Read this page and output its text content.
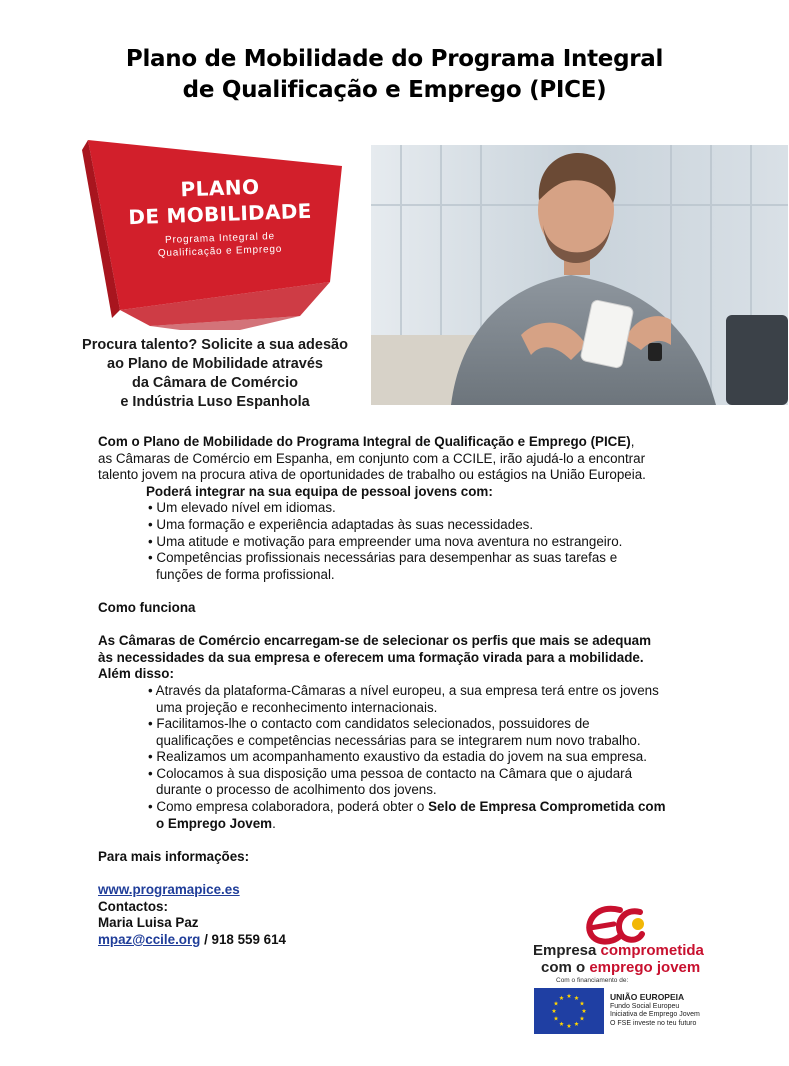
Plano de Mobilidade do Programa Integral
de Qualificação e Emprego (PICE)
PLANO
DE MOBILIDADE
Programa Integral de
Qualificação e Emprego
Procura talento? Solicite a sua adesão
ao Plano de Mobilidade através
da Câmara de Comércio
e Indústria Luso Espanhola
Com o Plano de Mobilidade do Programa Integral de Qualificação e Emprego (PICE),
as Câmaras de Comércio em Espanha, em conjunto com a CCILE, irão ajudá-lo a encontrar
talento jovem na procura ativa de oportunidades de trabalho ou estágios na União Europeia.
Poderá integrar na sua equipa de pessoal jovens com:
• Um elevado nível em idiomas.
• Uma formação e experiência adaptadas às suas necessidades.
• Uma atitude e motivação para empreender uma nova aventura no estrangeiro.
• Competências profissionais necessárias para desempenhar as suas tarefas e
funções de forma profissional.
Como funciona
As Câmaras de Comércio encarregam-se de selecionar os perfis que mais se adequam
às necessidades da sua empresa e oferecem uma formação virada para a mobilidade.
Além disso:
• Através da plataforma-Câmaras a nível europeu, a sua empresa terá entre os jovens
uma projeção e reconhecimento internacionais.
• Facilitamos-lhe o contacto com candidatos selecionados, possuidores de
qualificações e competências necessárias para se integrarem num novo trabalho.
• Realizamos um acompanhamento exaustivo da estadia do jovem na sua empresa.
• Colocamos à sua disposição uma pessoa de contacto na Câmara que o ajudará
durante o processo de acolhimento dos jovens.
• Como empresa colaboradora, poderá obter o Selo de Empresa Comprometida com
o Emprego Jovem.
Para mais informações:
www.programapice.es
Contactos:
Maria Luisa Paz
mpaz@ccile.org / 918 559 614
Empresa comprometida
com o emprego jovem
Com o financiamento de:
UNIÃO EUROPEIA
Fundo Social Europeu
Iniciativa de Emprego Jovem
O FSE investe no teu futuro
